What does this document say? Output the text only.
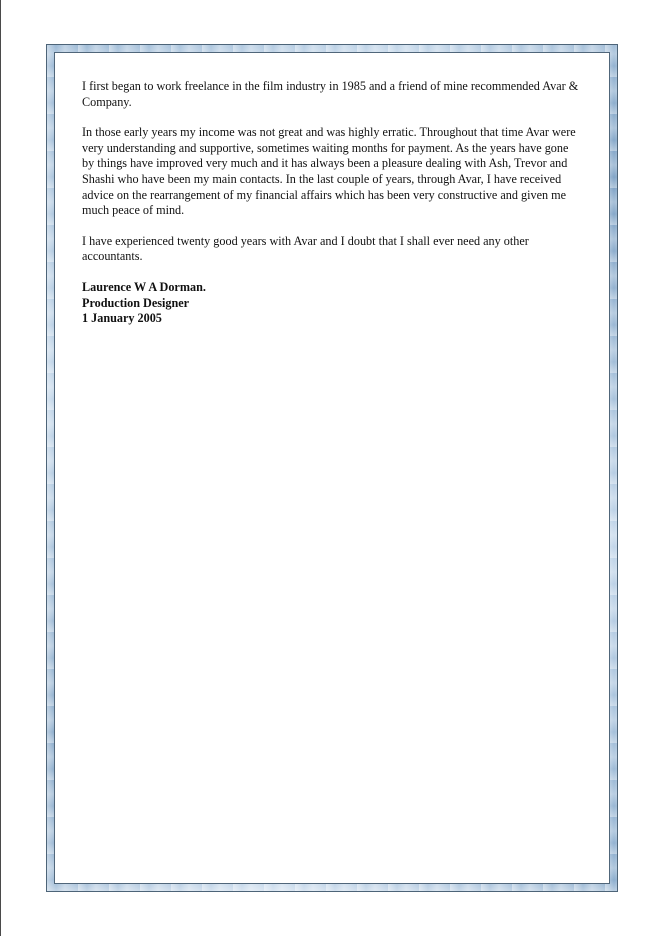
I first began to work freelance in the film industry in 1985 and a friend of mine recommended Avar & Company.

In those early years my income was not great and was highly erratic. Throughout that time Avar were very understanding and supportive, sometimes waiting months for payment. As the years have gone by things have improved very much and it has always been a pleasure dealing with Ash, Trevor and Shashi who have been my main contacts. In the last couple of years, through Avar, I have received advice on the rearrangement of my financial affairs which has been very constructive and given me much peace of mind.

I have experienced twenty good years with Avar and I doubt that I shall ever need any other accountants.

Laurence W A Dorman.
Production Designer
1 January 2005
